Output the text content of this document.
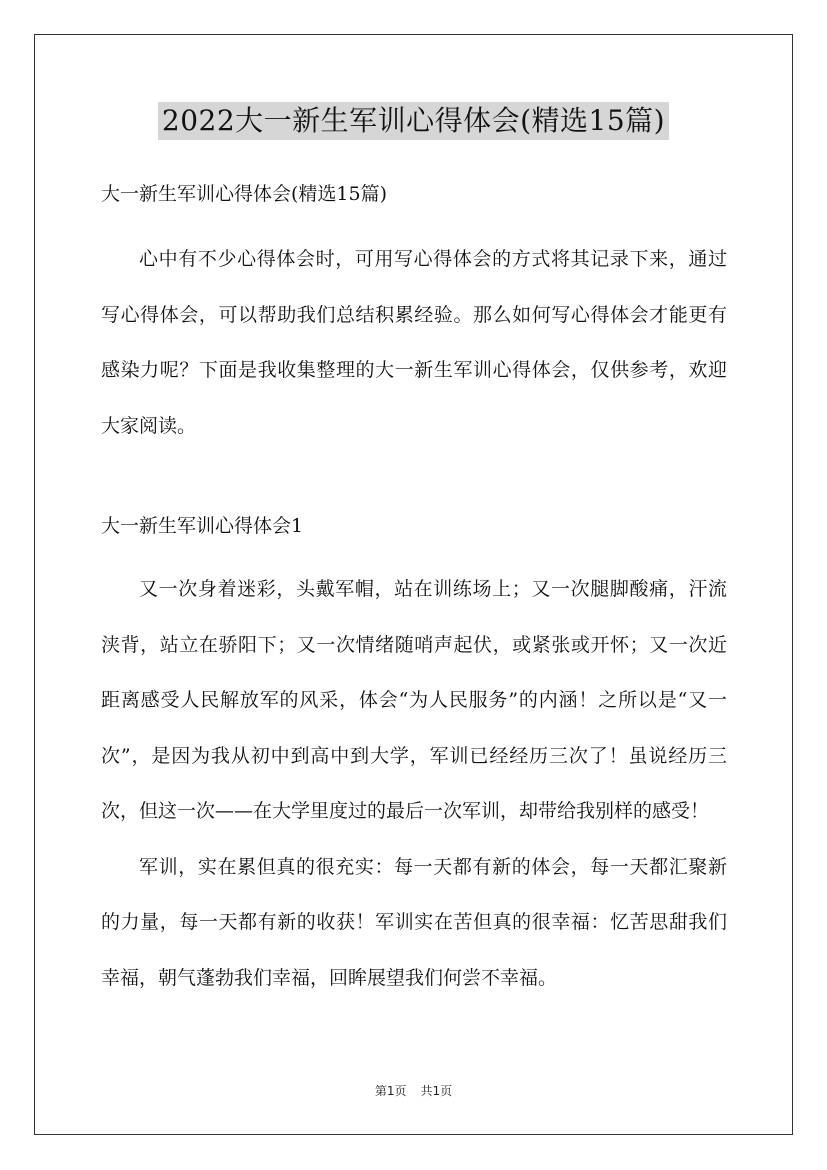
2022大一新生军训心得体会(精选15篇)

大一新生军训心得体会(精选15篇)

心中有不少心得体会时，可用写心得体会的方式将其记录下来，通过写心得体会，可以帮助我们总结积累经验。那么如何写心得体会才能更有感染力呢？下面是我收集整理的大一新生军训心得体会，仅供参考，欢迎大家阅读。

大一新生军训心得体会1

又一次身着迷彩，头戴军帽，站在训练场上；又一次腿脚酸痛，汗流浃背，站立在骄阳下；又一次情绪随哨声起伏，或紧张或开怀；又一次近距离感受人民解放军的风采，体会“为人民服务”的内涵！之所以是“又一次”，是因为我从初中到高中到大学，军训已经经历三次了！虽说经历三次，但这一次——在大学里度过的最后一次军训，却带给我别样的感受！

军训，实在累但真的很充实：每一天都有新的体会，每一天都汇聚新的力量，每一天都有新的收获！军训实在苦但真的很幸福：忆苦思甜我们幸福，朝气蓬勃我们幸福，回眸展望我们何尝不幸福。

第1页 共1页
